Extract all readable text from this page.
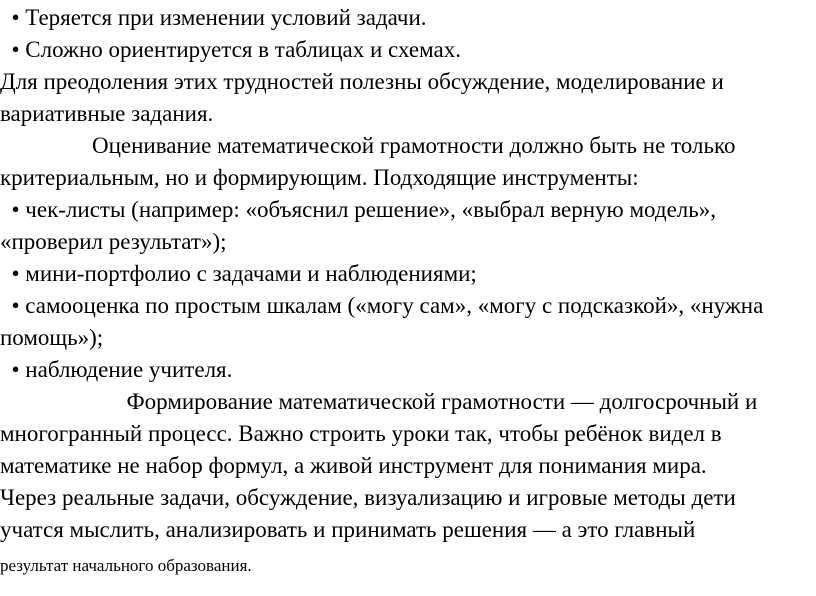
• Теряется при изменении условий задачи.
• Сложно ориентируется в таблицах и схемах.
Для преодоления этих трудностей полезны обсуждение, моделирование и
вариативные задания.
Оценивание математической грамотности должно быть не только
критериальным, но и формирующим. Подходящие инструменты:
• чек-листы (например: «объяснил решение», «выбрал верную модель»,
«проверил результат»);
• мини-портфолио с задачами и наблюдениями;
• самооценка по простым шкалам («могу сам», «могу с подсказкой», «нужна
помощь»);
• наблюдение учителя.
Формирование математической грамотности — долгосрочный и
многогранный процесс. Важно строить уроки так, чтобы ребёнок видел в
математике не набор формул, а живой инструмент для понимания мира.
Через реальные задачи, обсуждение, визуализацию и игровые методы дети
учатся мыслить, анализировать и принимать решения — а это главный
результат начального образования.
